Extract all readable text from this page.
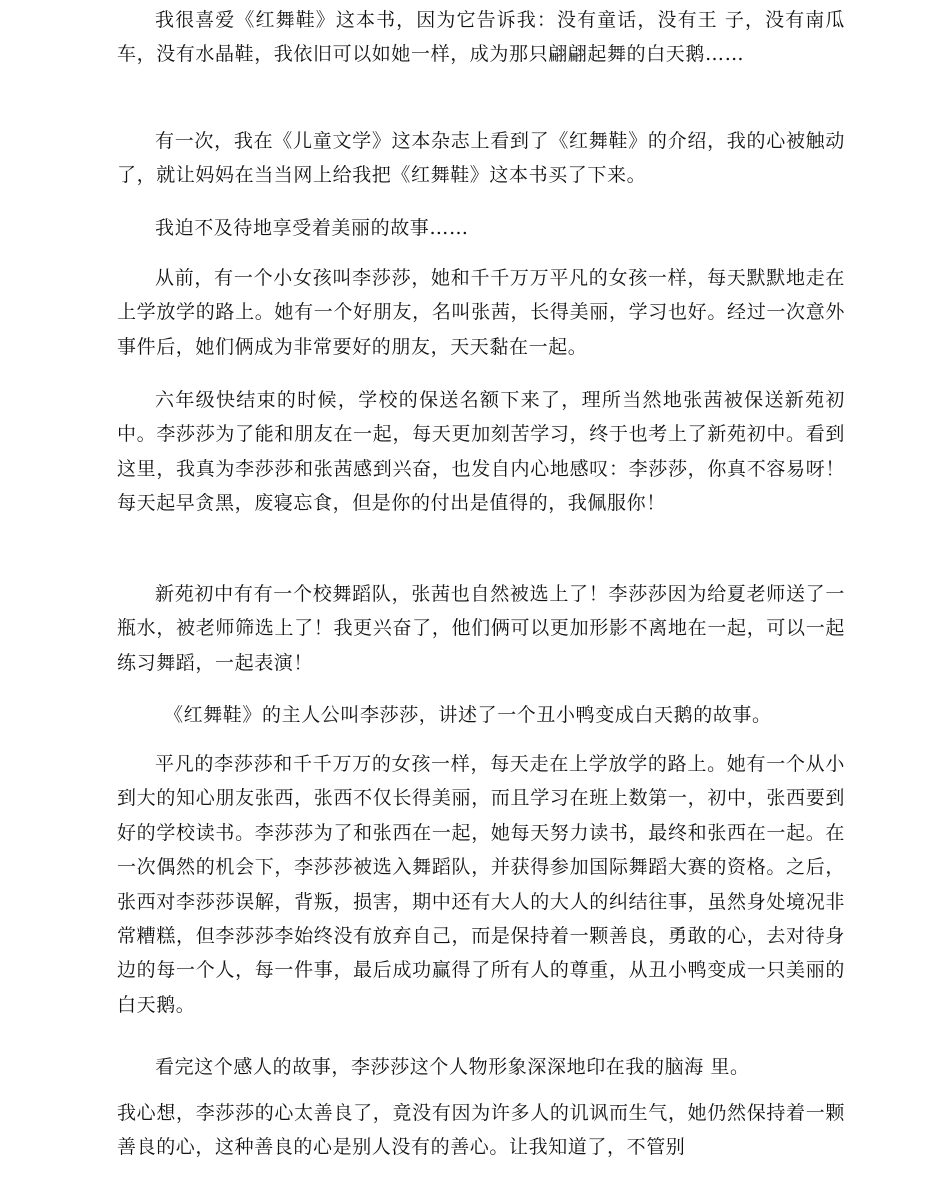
我很喜爱《红舞鞋》这本书，因为它告诉我：没有童话，没有王 子，没有南瓜车，没有水晶鞋，我依旧可以如她一样，成为那只翩翩起舞的白天鹅……

有一次，我在《儿童文学》这本杂志上看到了《红舞鞋》的介绍，我的心被触动了，就让妈妈在当当网上给我把《红舞鞋》这本书买了下来。

我迫不及待地享受着美丽的故事……

从前，有一个小女孩叫李莎莎，她和千千万万平凡的女孩一样，每天默默地走在上学放学的路上。她有一个好朋友，名叫张茜，长得美丽，学习也好。经过一次意外事件后，她们俩成为非常要好的朋友，天天黏在一起。

六年级快结束的时候，学校的保送名额下来了，理所当然地张茜被保送新苑初中。李莎莎为了能和朋友在一起，每天更加刻苦学习，终于也考上了新苑初中。看到这里，我真为李莎莎和张茜感到兴奋，也发自内心地感叹：李莎莎，你真不容易呀！每天起早贪黑，废寝忘食，但是你的付出是值得的，我佩服你！

新苑初中有有一个校舞蹈队，张茜也自然被选上了！李莎莎因为给夏老师送了一瓶水，被老师筛选上了！我更兴奋了，他们俩可以更加形影不离地在一起，可以一起练习舞蹈，一起表演！

《红舞鞋》的主人公叫李莎莎，讲述了一个丑小鸭变成白天鹅的故事。

平凡的李莎莎和千千万万的女孩一样，每天走在上学放学的路上。她有一个从小到大的知心朋友张西，张西不仅长得美丽，而且学习在班上数第一，初中，张西要到好的学校读书。李莎莎为了和张西在一起，她每天努力读书，最终和张西在一起。在一次偶然的机会下，李莎莎被选入舞蹈队，并获得参加国际舞蹈大赛的资格。之后，张西对李莎莎误解，背叛，损害，期中还有大人的大人的纠结往事，虽然身处境况非常糟糕，但李莎莎李始终没有放弃自己，而是保持着一颗善良，勇敢的心，去对待身边的每一个人，每一件事，最后成功赢得了所有人的尊重，从丑小鸭变成一只美丽的白天鹅。

看完这个感人的故事，李莎莎这个人物形象深深地印在我的脑海 里。

我心想，李莎莎的心太善良了，竟没有因为许多人的讥讽而生气，她仍然保持着一颗善良的心，这种善良的心是别人没有的善心。让我知道了，不管别
